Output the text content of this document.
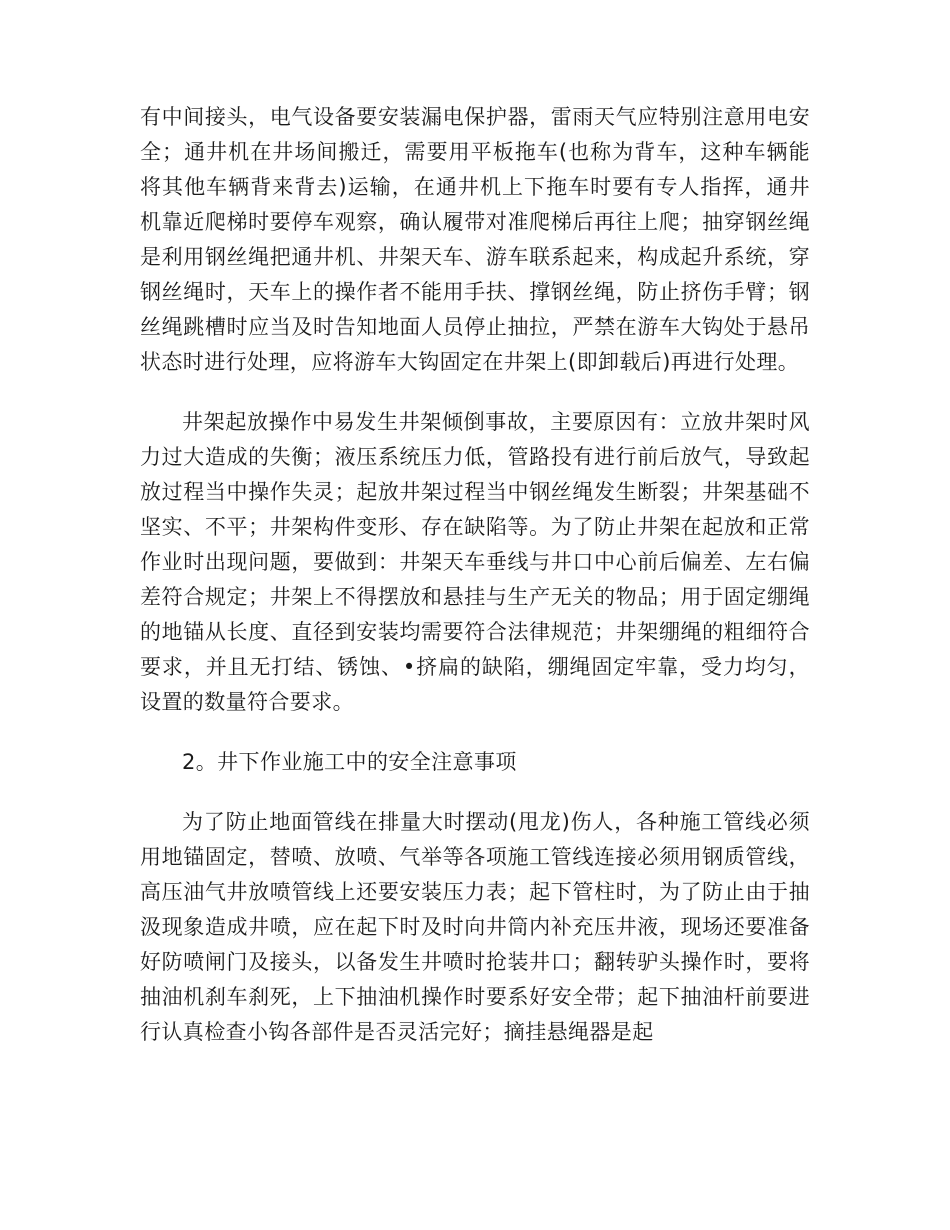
有中间接头，电气设备要安装漏电保护器，雷雨天气应特别注意用电安全；通井机在井场间搬迁，需要用平板拖车(也称为背车，这种车辆能将其他车辆背来背去)运输，在通井机上下拖车时要有专人指挥，通井机靠近爬梯时要停车观察，确认履带对准爬梯后再往上爬；抽穿钢丝绳是利用钢丝绳把通井机、井架天车、游车联系起来，构成起升系统，穿钢丝绳时，天车上的操作者不能用手扶、撑钢丝绳，防止挤伤手臂；钢丝绳跳槽时应当及时告知地面人员停止抽拉，严禁在游车大钩处于悬吊状态时进行处理，应将游车大钩固定在井架上(即卸载后)再进行处理。

井架起放操作中易发生井架倾倒事故，主要原因有：立放井架时风力过大造成的失衡；液压系统压力低，管路投有进行前后放气，导致起放过程当中操作失灵；起放井架过程当中钢丝绳发生断裂；井架基础不坚实、不平；井架构件变形、存在缺陷等。为了防止井架在起放和正常作业时出现问题，要做到：井架天车垂线与井口中心前后偏差、左右偏差符合规定；井架上不得摆放和悬挂与生产无关的物品；用于固定绷绳的地锚从长度、直径到安装均需要符合法律规范；井架绷绳的粗细符合要求，并且无打结、锈蚀、•挤扁的缺陷，绷绳固定牢靠，受力均匀，设置的数量符合要求。

2。井下作业施工中的安全注意事项

为了防止地面管线在排量大时摆动(甩龙)伤人，各种施工管线必须用地锚固定，替喷、放喷、气举等各项施工管线连接必须用钢质管线，高压油气井放喷管线上还要安装压力表；起下管柱时，为了防止由于抽汲现象造成井喷，应在起下时及时向井筒内补充压井液，现场还要准备好防喷闸门及接头，以备发生井喷时抢装井口；翻转驴头操作时，要将抽油机刹车刹死，上下抽油机操作时要系好安全带；起下抽油杆前要进行认真检查小钩各部件是否灵活完好；摘挂悬绳器是起
